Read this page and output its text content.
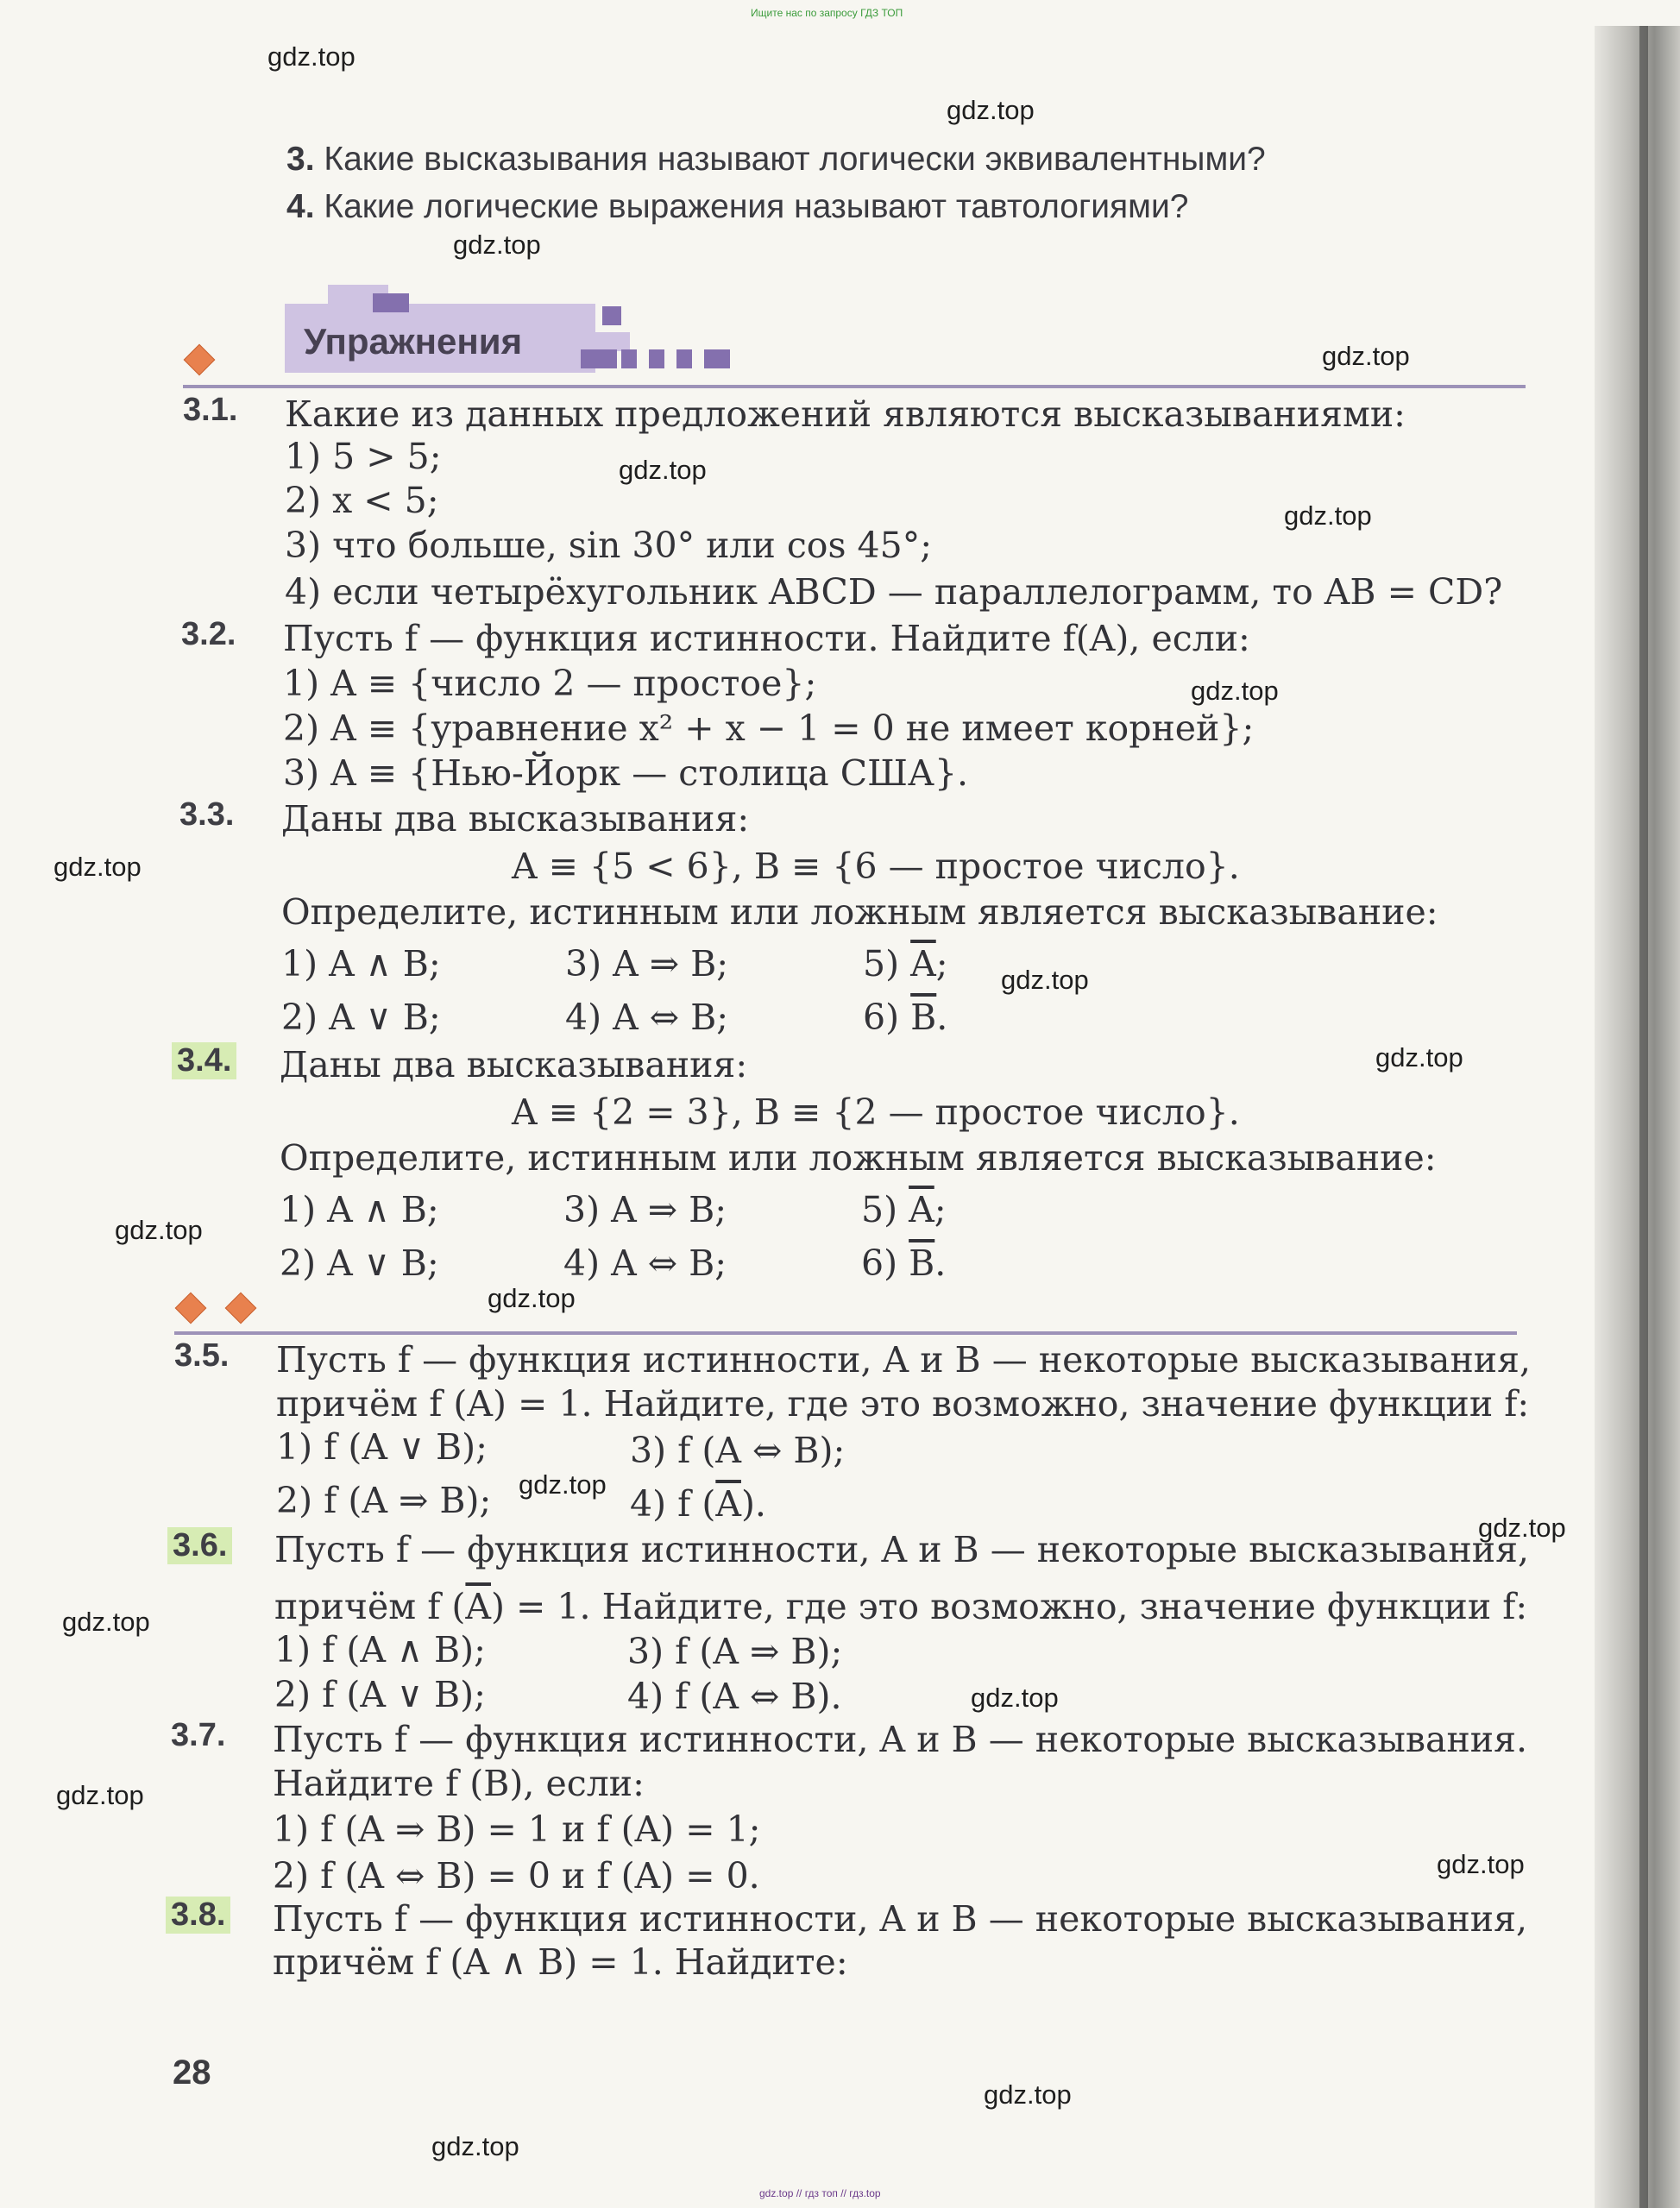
Ищите нас по запросу ГДЗ ТОП
gdz.top // гдз топ // гдз.top
gdz.top
gdz.top
gdz.top
gdz.top
gdz.top
gdz.top
gdz.top
gdz.top
gdz.top
gdz.top
gdz.top
gdz.top
gdz.top
gdz.top
gdz.top
gdz.top
gdz.top
gdz.top
gdz.top
gdz.top
3. Какие высказывания называют логически эквивалентными?
4. Какие логические выражения называют тавтологиями?
Упражнения
3.1. Какие из данных предложений являются высказываниями:
1) 5 > 5;
2) x < 5;
3) что больше, sin 30° или cos 45°;
4) если четырёхугольник ABCD — параллелограмм, то AB = CD?
3.2. Пусть f — функция истинности. Найдите f(A), если:
1) A ≡ {число 2 — простое};
2) A ≡ {уравнение x² + x − 1 = 0 не имеет корней};
3) A ≡ {Нью-Йорк — столица США}.
3.3. Даны два высказывания:
A ≡ {5 < 6}, B ≡ {6 — простое число}.
Определите, истинным или ложным является высказывание:
1) A ∧ B;	3) A ⇒ B;	5) $\overline{A}$;
2) A ∨ B;	4) A ⇔ B;	6) $\overline{B}$.
3.4. Даны два высказывания:
A ≡ {2 = 3}, B ≡ {2 — простое число}.
Определите, истинным или ложным является высказывание:
1) A ∧ B;	3) A ⇒ B;	5) $\overline{A}$;
2) A ∨ B;	4) A ⇔ B;	6) $\overline{B}$.
3.5. Пусть f — функция истинности, A и B — некоторые высказывания,
причём f (A) = 1. Найдите, где это возможно, значение функции f:
1) f (A ∨ B);	3) f (A ⇔ B);
2) f (A ⇒ B);	4) f $(\overline{A})$.
3.6. Пусть f — функция истинности, A и B — некоторые высказывания,
причём f $(\overline{A}) = 1$. Найдите, где это возможно, значение функции f:
1) f (A ∧ B);	3) f (A ⇒ B);
2) f (A ∨ B);	4) f (A ⇔ B).
3.7. Пусть f — функция истинности, A и B — некоторые высказывания.
Найдите f (B), если:
1) f (A ⇒ B) = 1 и f (A) = 1;
2) f (A ⇔ B) = 0 и f (A) = 0.
3.8. Пусть f — функция истинности, A и B — некоторые высказывания,
причём f (A ∧ B) = 1. Найдите:
28
